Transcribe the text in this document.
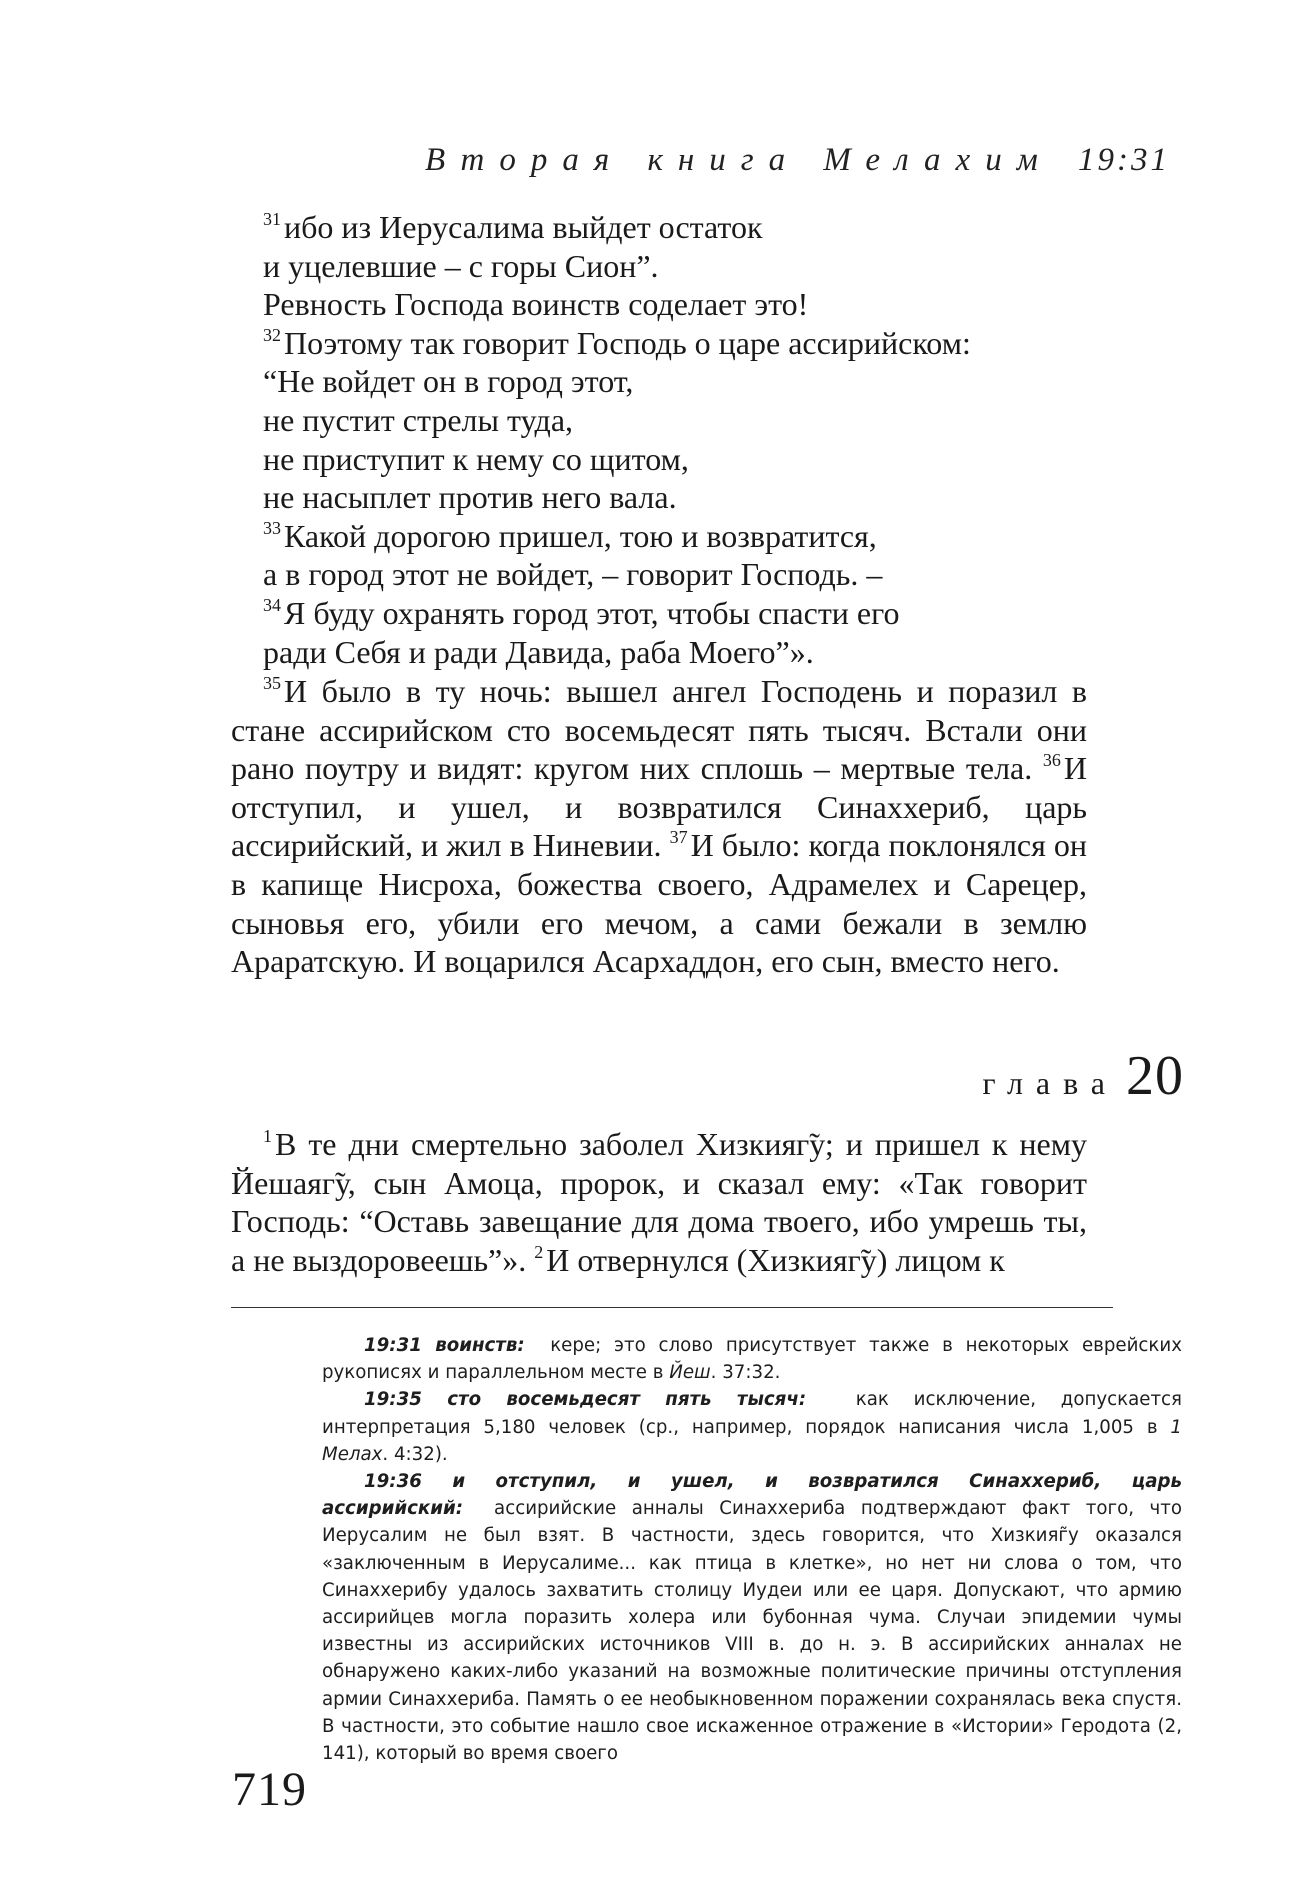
Вторая книга Мелахим 19:31
$^{31}$ибо из Иерусалима выйдет остаток
и уцелевшие – с горы Сион”.
Ревность Господа воинств соделает это!
$^{32}$Поэтому так говорит Господь о царе ассирийском:
“Не войдет он в город этот,
не пустит стрелы туда,
не приступит к нему со щитом,
не насыплет против него вала.
$^{33}$Какой дорогою пришел, тою и возвратится,
а в город этот не войдет, – говорит Господь. –
$^{34}$Я буду охранять город этот, чтобы спасти его
ради Себя и ради Давида, раба Моего”».
$^{35}$И было в ту ночь: вышел ангел Господень и поразил в стане ассирийском сто восемьдесят пять тысяч. Встали они рано поутру и видят: кругом них сплошь – мертвые тела. $^{36}$И отступил, и ушел, и возвратился Синаххериб, царь ассирийский, и жил в Ниневии. $^{37}$И было: когда поклонялся он в капище Нисроха, божества своего, Адрамелех и Сарецер, сыновья его, убили его мечом, а сами бежали в землю Араратскую. И воцарился Асархаддон, его сын, вместо него.
глава 20
$^1$В те дни смертельно заболел Хизкияг̃у; и пришел к нему Йешаяг̃у, сын Амоца, пророк, и сказал ему: «Так говорит Господь: “Оставь завещание для дома твоего, ибо умрешь ты, а не выздоровеешь”». $^2$И отвернулся (Хизкияг̃у) лицом к

19:31 воинств: кере; это слово присутствует также в некоторых еврейских рукописях и параллельном месте в Йеш. 37:32.

19:35 сто восемьдесят пять тысяч:	как исключение, допускается интерпретация 5,180 человек (ср., например, порядок написания числа 1,005 в 1 Мелах. 4:32).

19:36 и отступил, и ушел, и возвратился Синаххериб, царь ассирийский: ассирийские анналы Синаххериба подтверждают факт того, что Иерусалим не был взят. В частности, здесь говорится, что Хизкияг̃у оказался «заключенным в Иерусалиме... как птица в клетке», но нет ни слова о том, что Синаххерибу удалось захватить столицу Иудеи или ее царя. Допускают, что армию ассирийцев могла поразить холера или бубонная чума. Случаи эпидемии чумы известны из ассирийских источников VIII в. до н. э. В ассирийских анналах не обнаружено каких-либо указаний на возможные политические причины отступления армии Синаххериба. Память о ее необыкновенном поражении сохранялась века спустя. В частности, это событие нашло свое искаженное отражение в «Истории» Геродота (2, 141), который во время своего

719
